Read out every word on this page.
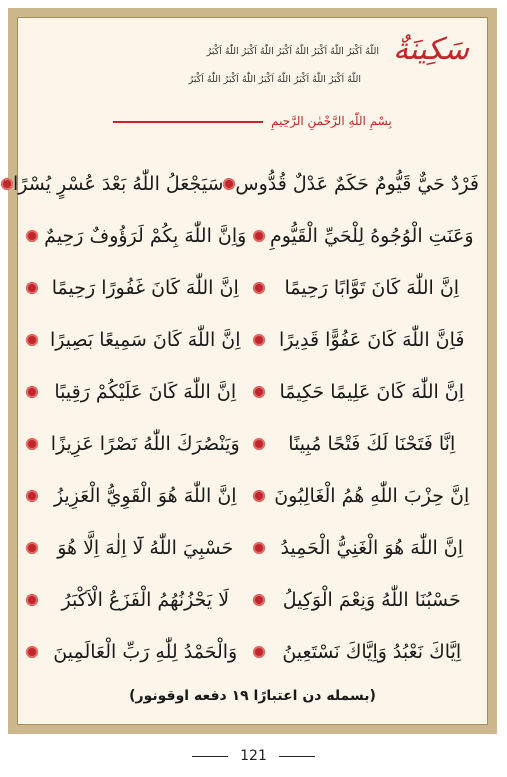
سَكِينَةٌ
اللّٰهُ اَكْبَرُ اللّٰهُ اَكْبَرُ اللّٰهُ اَكْبَرُ اللّٰهُ اَكْبَرُ اللّٰهُ اَكْبَرُ
اللّٰهُ اَكْبَرُ اللّٰهُ اَكْبَرُ اللّٰهُ اَكْبَرُ اللّٰهُ اَكْبَرُ اللّٰهُ اَكْبَرُ
بِسْمِ اللّٰهِ الرَّحْمٰنِ الرَّحِيمِ
فَرْدٌ حَيٌّ قَيُّومٌ حَكَمٌ عَدْلٌ قُدُّوس
سَيَجْعَلُ اللّٰهُ بَعْدَ عُسْرٍ يُسْرًا
وَعَنَتِ الْوُجُوهُ لِلْحَيِّ الْقَيُّومِ
وَاِنَّ اللّٰهَ بِكُمْ لَرَؤُوفٌ رَحِيمٌ
اِنَّ اللّٰهَ كَانَ تَوَّابًا رَحِيمًا
اِنَّ اللّٰهَ كَانَ غَفُورًا رَحِيمًا
فَاِنَّ اللّٰهَ كَانَ عَفُوًّا قَدِيرًا
اِنَّ اللّٰهَ كَانَ سَمِيعًا بَصِيرًا
اِنَّ اللّٰهَ كَانَ عَلِيمًا حَكِيمًا
اِنَّ اللّٰهَ كَانَ عَلَيْكُمْ رَقِيبًا
اِنَّا فَتَحْنَا لَكَ فَتْحًا مُبِينًا
وَيَنْصُرَكَ اللّٰهُ نَصْرًا عَزِيزًا
اِنَّ حِزْبَ اللّٰهِ هُمُ الْغَالِبُونَ
اِنَّ اللّٰهَ هُوَ الْقَوِيُّ الْعَزِيزُ
اِنَّ اللّٰهَ هُوَ الْغَنِيُّ الْحَمِيدُ
حَسْبِيَ اللّٰهُ لَٓا اِلٰهَ اِلَّا هُوَ
حَسْبُنَا اللّٰهُ وَنِعْمَ الْوَكِيلُ
لَا يَحْزُنُهُمُ الْفَزَعُ الْاَكْبَرُ
اِيَّاكَ نَعْبُدُ وَاِيَّاكَ نَسْتَعِينُ
وَالْحَمْدُ لِلّٰهِ رَبِّ الْعَالَمِينَ
(بسمله دن اعتبارًا ١٩ دفعه اوقونور)
121
